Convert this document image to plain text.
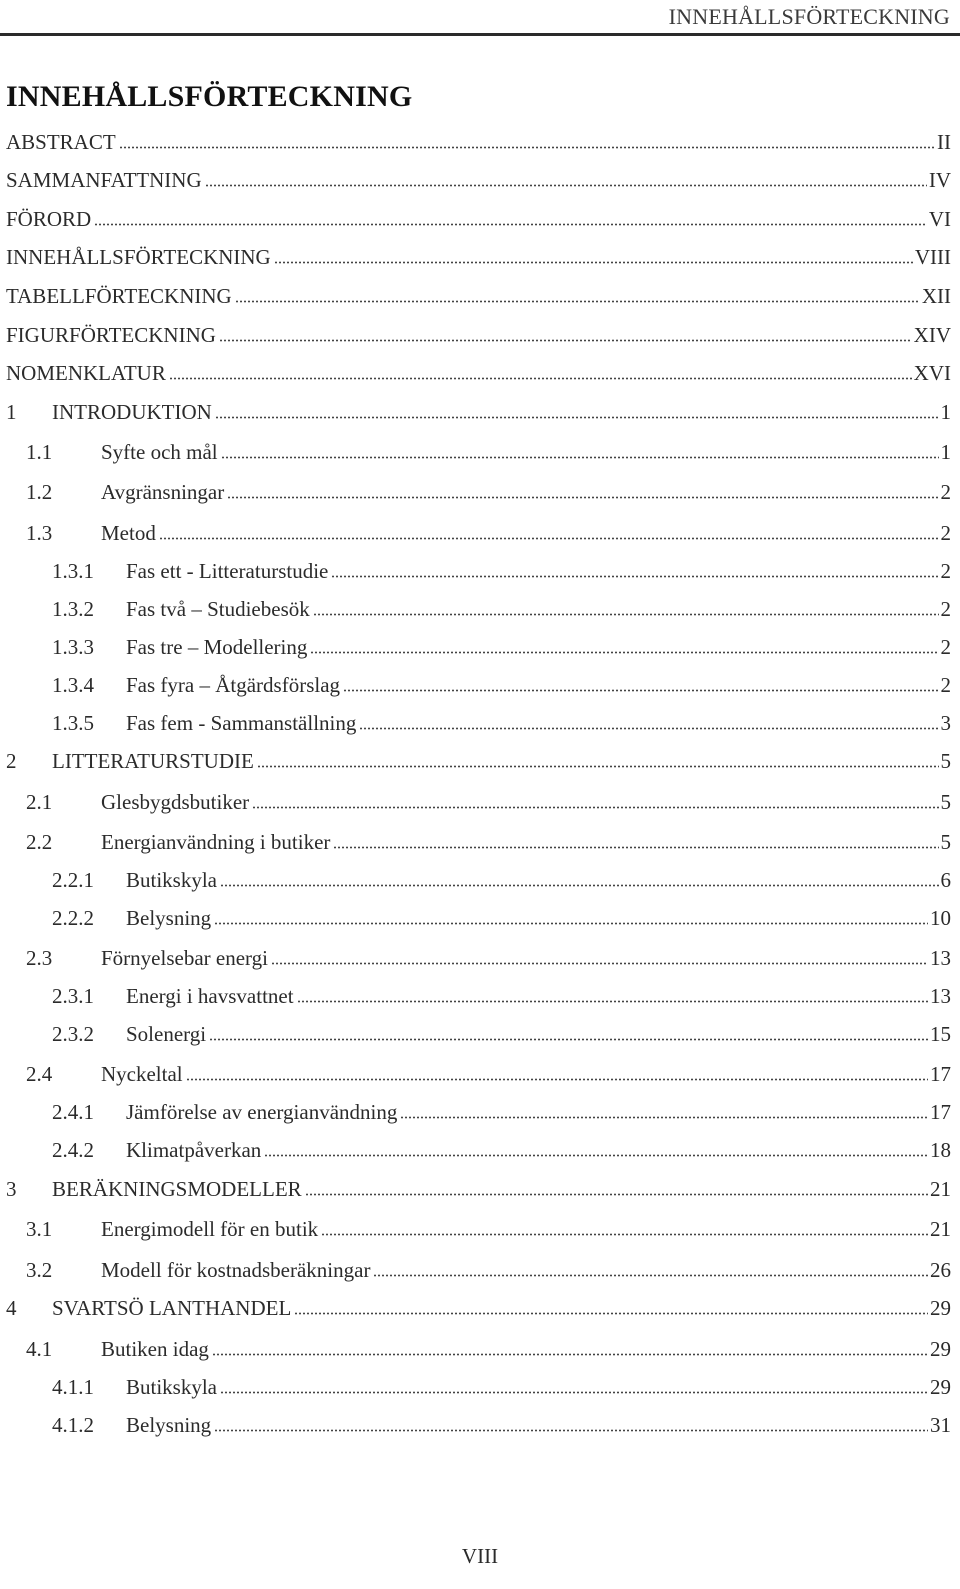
INNEHÅLLSFÖRTECKNING
INNEHÅLLSFÖRTECKNING
ABSTRACT	II
SAMMANFATTNING	IV
FÖRORD	VI
INNEHÅLLSFÖRTECKNING	VIII
TABELLFÖRTECKNING	XII
FIGURFÖRTECKNING	XIV
NOMENKLATUR	XVI
1	INTRODUKTION	1
1.1	Syfte och mål	1
1.2	Avgränsningar	2
1.3	Metod	2
1.3.1	Fas ett - Litteraturstudie	2
1.3.2	Fas två – Studiebesök	2
1.3.3	Fas tre – Modellering	2
1.3.4	Fas fyra – Åtgärdsförslag	2
1.3.5	Fas fem - Sammanställning	3
2	LITTERATURSTUDIE	5
2.1	Glesbygdsbutiker	5
2.2	Energianvändning i butiker	5
2.2.1	Butikskyla	6
2.2.2	Belysning	10
2.3	Förnyelsebar energi	13
2.3.1	Energi i havsvattnet	13
2.3.2	Solenergi	15
2.4	Nyckeltal	17
2.4.1	Jämförelse av energianvändning	17
2.4.2	Klimatpåverkan	18
3	BERÄKNINGSMODELLER	21
3.1	Energimodell för en butik	21
3.2	Modell för kostnadsberäkningar	26
4	SVARTSÖ LANTHANDEL	29
4.1	Butiken idag	29
4.1.1	Butikskyla	29
4.1.2	Belysning	31
VIII
